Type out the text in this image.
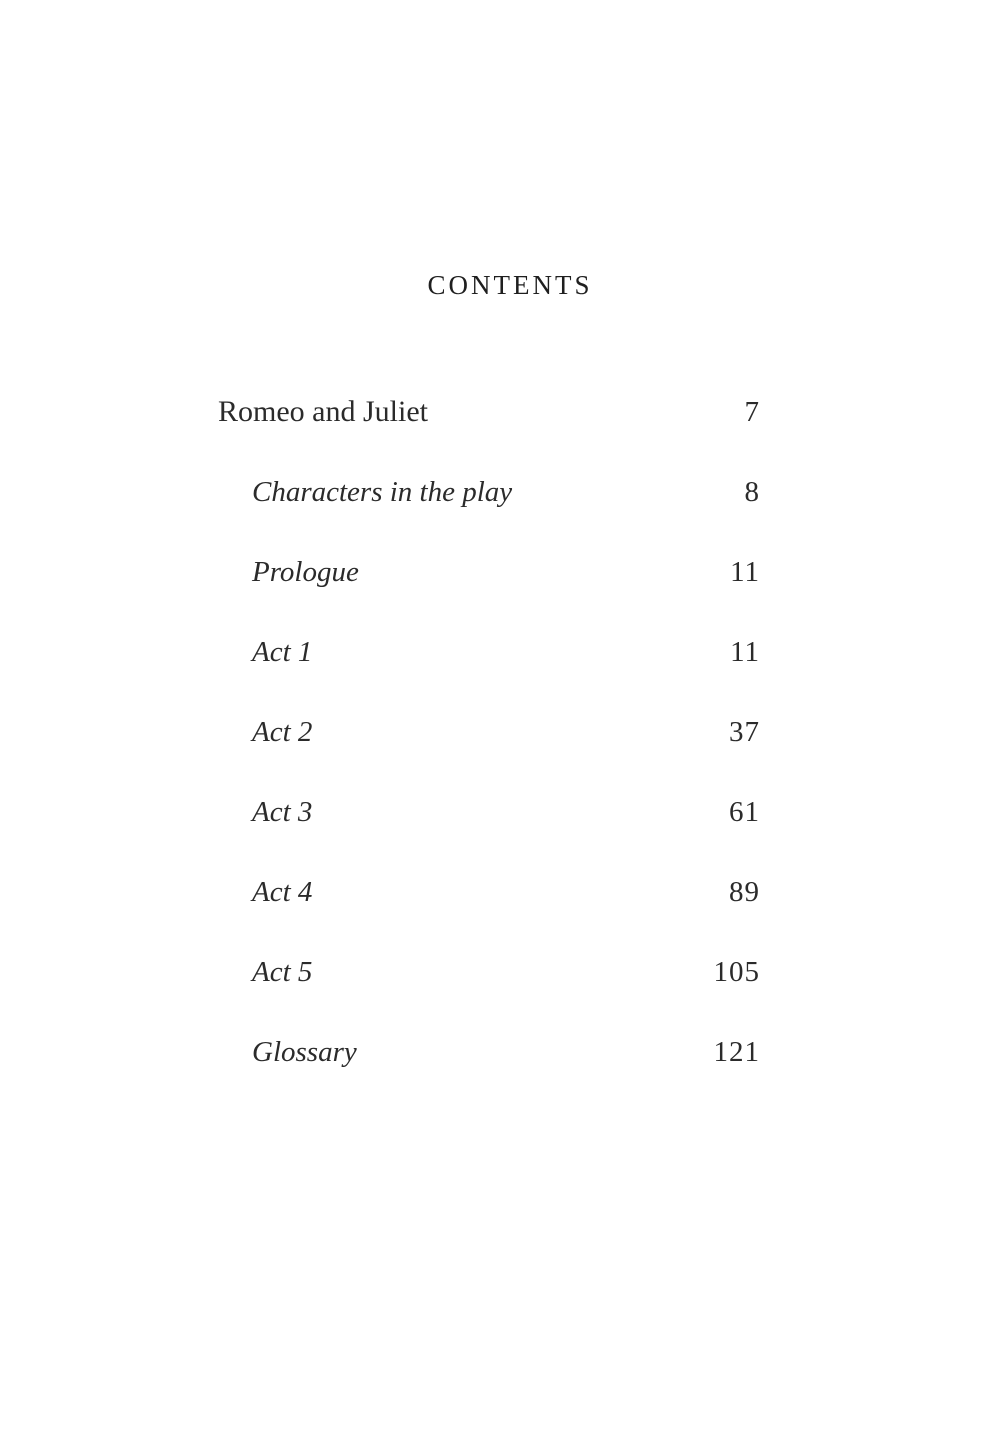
CONTENTS
Romeo and Juliet	7
Characters in the play	8
Prologue	11
Act 1	11
Act 2	37
Act 3	61
Act 4	89
Act 5	105
Glossary	121
